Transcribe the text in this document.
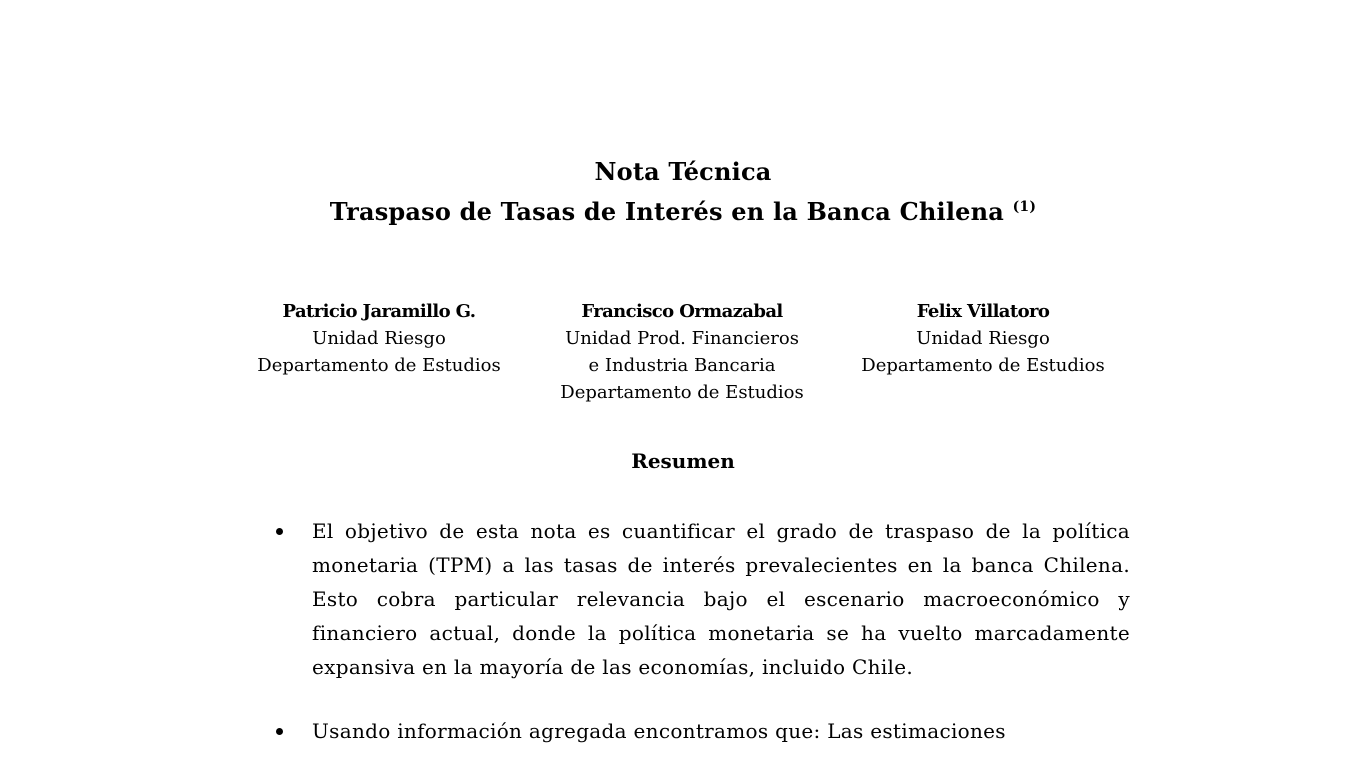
Nota Técnica
Traspaso de Tasas de Interés en la Banca Chilena $^{(1)}$
Patricio Jaramillo G.
Unidad Riesgo
Departamento de Estudios
Francisco Ormazabal
Unidad Prod. Financieros
e Industria Bancaria
Departamento de Estudios
Felix Villatoro
Unidad Riesgo
Departamento de Estudios
Resumen
El objetivo de esta nota es cuantificar el grado de traspaso de la política monetaria (TPM) a las tasas de interés prevalecientes en la banca Chilena. Esto cobra particular relevancia bajo el escenario macroeconómico y financiero actual, donde la política monetaria se ha vuelto marcadamente expansiva en la mayoría de las economías, incluido Chile.
Usando información agregada encontramos que: Las estimaciones
